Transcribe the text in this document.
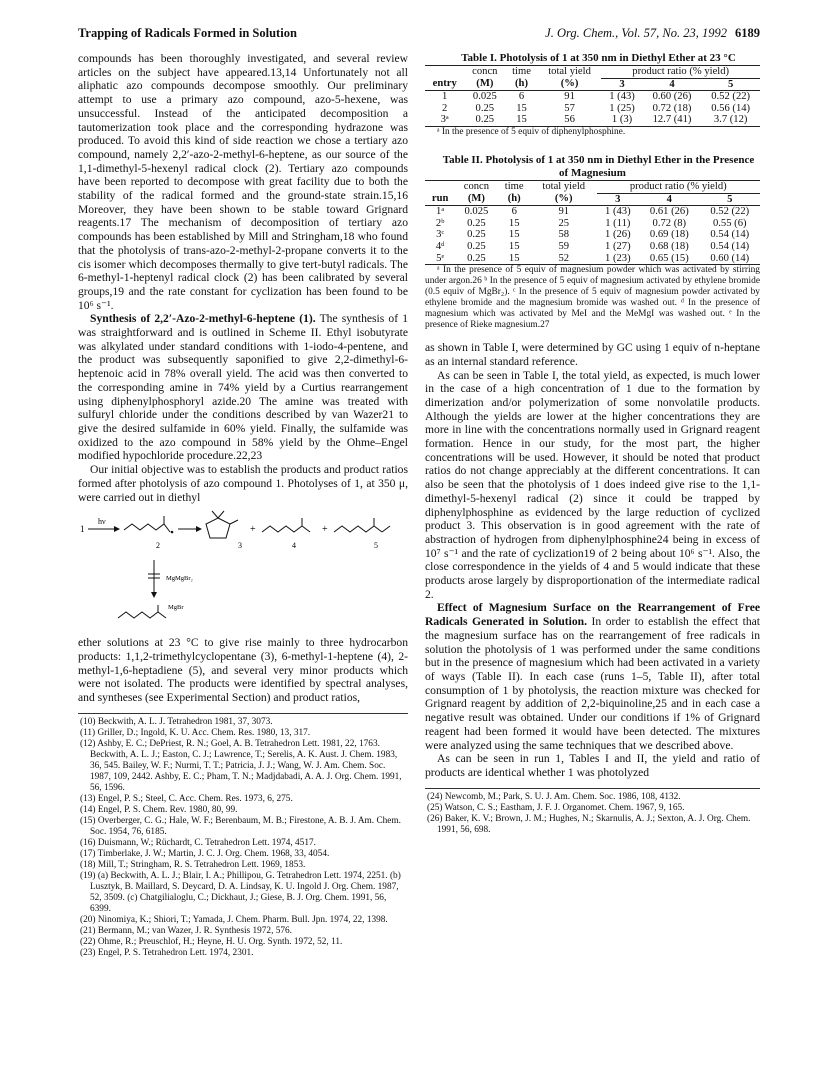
Trapping of Radicals Formed in Solution	J. Org. Chem., Vol. 57, No. 23, 1992 6189

compounds has been thoroughly investigated, and several review articles on the subject have appeared.13,14 Unfortunately not all aliphatic azo compounds decompose smoothly. Our preliminary attempt to use a primary azo compound, azo-5-hexene, was unsuccessful. Instead of the anticipated decomposition a tautomerization took place and the corresponding hydrazone was produced. To avoid this kind of side reaction we chose a tertiary azo compound, namely 2,2′-azo-2-methyl-6-heptene, as our source of the 1,1-dimethyl-5-hexenyl radical clock (2). Tertiary azo compounds have been reported to decompose with great facility due to both the stability of the radical formed and the ground-state strain.15,16 Moreover, they have been shown to be stable toward Grignard reagents.17 The mechanism of decomposition of tertiary azo compounds has been established by Mill and Stringham,18 who found that the photolysis of trans-azo-2-methyl-2-propane converts it to the cis isomer which decomposes thermally to give tert-butyl radicals. The 6-methyl-1-heptenyl radical clock (2) has been calibrated by several groups,19 and the rate constant for cyclization has been found to be 10⁶ s⁻¹.

Synthesis of 2,2′-Azo-2-methyl-6-heptene (1). The synthesis of 1 was straightforward and is outlined in Scheme II. Ethyl isobutyrate was alkylated under standard conditions with 1-iodo-4-pentene, and the product was subsequently saponified to give 2,2-dimethyl-6-heptenoic acid in 78% overall yield. The acid was then converted to the corresponding amine in 74% yield by a Curtius rearrangement using diphenylphosphoryl azide.20 The amine was treated with sulfuryl chloride under the conditions described by van Wazer21 to give the desired sulfamide in 60% yield. Finally, the sulfamide was oxidized to the azo compound in 58% yield by the Ohme–Engel modified hypochloride procedure.22,23

Our initial objective was to establish the products and product ratios formed after photolysis of azo compound 1. Photolyses of 1, at 350 μ, were carried out in diethyl

1
hν
2	3
+
4
+
5
MgMgBr₂
MgBr

ether solutions at 23 °C to give rise mainly to three hydrocarbon products: 1,1,2-trimethylcyclopentane (3), 6-methyl-1-heptene (4), 2-methyl-1,6-heptadiene (5), and several very minor products which were not isolated. The products were identified by spectral analyses, and syntheses (see Experimental Section) and product ratios,

(10) Beckwith, A. L. J. Tetrahedron 1981, 37, 3073.

(11) Griller, D.; Ingold, K. U. Acc. Chem. Res. 1980, 13, 317.

(12) Ashby, E. C.; DePriest, R. N.; Goel, A. B. Tetrahedron Lett. 1981, 22, 1763. Beckwith, A. L. J.; Easton, C. J.; Lawrence, T.; Serelis, A. K. Aust. J. Chem. 1983, 36, 545. Bailey, W. F.; Nurmi, T. T.; Patricia, J. J.; Wang, W. J. Am. Chem. Soc. 1987, 109, 2442. Ashby, E. C.; Pham, T. N.; Madjdabadi, A. A. J. Org. Chem. 1991, 56, 1596.

(13) Engel, P. S.; Steel, C. Acc. Chem. Res. 1973, 6, 275.

(14) Engel, P. S. Chem. Rev. 1980, 80, 99.

(15) Overberger, C. G.; Hale, W. F.; Berenbaum, M. B.; Firestone, A. B. J. Am. Chem. Soc. 1954, 76, 6185.

(16) Duismann, W.; Rüchardt, C. Tetrahedron Lett. 1974, 4517.

(17) Timberlake, J. W.; Martin, J. C. J. Org. Chem. 1968, 33, 4054.

(18) Mill, T.; Stringham, R. S. Tetrahedron Lett. 1969, 1853.

(19) (a) Beckwith, A. L. J.; Blair, I. A.; Phillipou, G. Tetrahedron Lett. 1974, 2251. (b) Lusztyk, B. Maillard, S. Deycard, D. A. Lindsay, K. U. Ingold J. Org. Chem. 1987, 52, 3509. (c) Chatgilialoglu, C.; Dickhaut, J.; Giese, B. J. Org. Chem. 1991, 56, 6399.

(20) Ninomiya, K.; Shiori, T.; Yamada, J. Chem. Pharm. Bull. Jpn. 1974, 22, 1398.

(21) Bermann, M.; van Wazer, J. R. Synthesis 1972, 576.

(22) Ohme, R.; Preuschlof, H.; Heyne, H. U. Org. Synth. 1972, 52, 11.

(23) Engel, P. S. Tetrahedron Lett. 1974, 2301.

Table I. Photolysis of 1 at 350 nm in Diethyl Ether at 23 °C

	concn	time	total yield	product ratio (% yield)		
entry	(M)	(h)	(%)	3	4	5
1	0.025	6	91	1 (43)	0.60 (26)	0.52 (22)
2	0.25	15	57	1 (25)	0.72 (18)	0.56 (14)
3ᵃ	0.25	15	56	1 (3)	12.7 (41)	3.7 (12)

ᵃ In the presence of 5 equiv of diphenylphosphine.

Table II. Photolysis of 1 at 350 nm in Diethyl Ether in the Presence of Magnesium

	concn	time	total yield	product ratio (% yield)		
run	(M)	(h)	(%)	3	4	5
1ᵃ	0.025	6	91	1 (43)	0.61 (26)	0.52 (22)
2ᵇ	0.25	15	25	1 (11)	0.72 (8)	0.55 (6)
3ᶜ	0.25	15	58	1 (26)	0.69 (18)	0.54 (14)
4ᵈ	0.25	15	59	1 (27)	0.68 (18)	0.54 (14)
5ᵉ	0.25	15	52	1 (23)	0.65 (15)	0.60 (14)

ᵃ In the presence of 5 equiv of magnesium powder which was activated by stirring under argon.26 ᵇ In the presence of 5 equiv of magnesium activated by ethylene bromide (0.5 equiv of MgBr₂). ᶜ In the presence of 5 equiv of magnesium powder activated by ethylene bromide and the magnesium bromide was washed out. ᵈ In the presence of magnesium which was activated by MeI and the MeMgI was washed out. ᵉ In the presence of Rieke magnesium.27

as shown in Table I, were determined by GC using 1 equiv of n-heptane as an internal standard reference.

As can be seen in Table I, the total yield, as expected, is much lower in the case of a high concentration of 1 due to the formation by dimerization and/or polymerization of some nonvolatile products. Although the yields are lower at the higher concentrations they are more in line with the concentrations normally used in Grignard reagent formation. Hence in our study, for the most part, the higher concentrations will be used. However, it should be noted that product ratios do not change appreciably at the different concentrations. It can also be seen that the photolysis of 1 does indeed give rise to the 1,1-dimethyl-5-hexenyl radical (2) since it could be trapped by diphenylphosphine as evidenced by the large reduction of cyclized product 3. This observation is in good agreement with the rate of abstraction of hydrogen from diphenylphosphine24 being in excess of 10⁷ s⁻¹ and the rate of cyclization19 of 2 being about 10⁶ s⁻¹. Also, the close correspondence in the yields of 4 and 5 would indicate that these products arose largely by disproportionation of the intermediate radical 2.

Effect of Magnesium Surface on the Rearrangement of Free Radicals Generated in Solution. In order to establish the effect that the magnesium surface has on the rearrangement of free radicals in solution the photolysis of 1 was performed under the same conditions but in the presence of magnesium which had been activated in a variety of ways (Table II). In each case (runs 1–5, Table II), after total consumption of 1 by photolysis, the reaction mixture was checked for Grignard reagent by addition of 2,2-biquinoline,25 and in each case a negative result was obtained. Under our conditions if 1% of Grignard reagent had been formed it would have been detected. The mixtures were analyzed using the same techniques that we described above.

As can be seen in run 1, Tables I and II, the yield and ratio of products are identical whether 1 was photolyzed

(24) Newcomb, M.; Park, S. U. J. Am. Chem. Soc. 1986, 108, 4132.

(25) Watson, C. S.; Eastham, J. F. J. Organomet. Chem. 1967, 9, 165.

(26) Baker, K. V.; Brown, J. M.; Hughes, N.; Skarnulis, A. J.; Sexton, A. J. Org. Chem. 1991, 56, 698.
